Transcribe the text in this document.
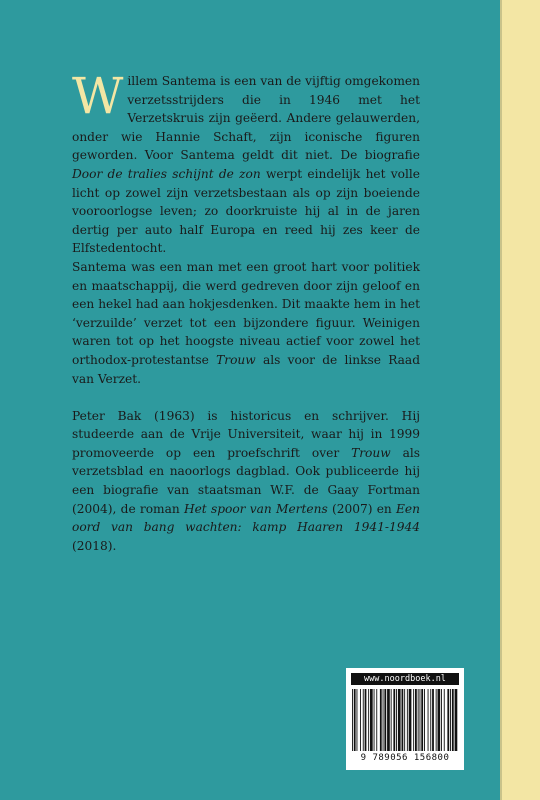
Willem Santema is een van de vijftig omgekomen verzetsstrijders die in 1946 met het Verzetskruis zijn geëerd. Andere gelauwerden, onder wie Hannie Schaft, zijn iconische figuren geworden. Voor Santema geldt dit niet. De biografie Door de tralies schijnt de zon werpt eindelijk het volle licht op zowel zijn verzetsbestaan als op zijn boeiende vooroorlogse leven; zo doorkruiste hij al in de jaren dertig per auto half Europa en reed hij zes keer de Elfstedentocht.

Santema was een man met een groot hart voor politiek en maatschappij, die werd gedreven door zijn geloof en een hekel had aan hokjesdenken. Dit maakte hem in het ‘verzuilde’ verzet tot een bijzondere figuur. Weinigen waren tot op het hoogste niveau actief voor zowel het orthodox-protestantse Trouw als voor de linkse Raad van Verzet.

Peter Bak (1963) is historicus en schrijver. Hij studeerde aan de Vrije Universiteit, waar hij in 1999 promoveerde op een proefschrift over Trouw als verzetsblad en naoorlogs dagblad. Ook publiceerde hij een biografie van staatsman W.F. de Gaay Fortman (2004), de roman Het spoor van Mertens (2007) en Een oord van bang wachten: kamp Haaren 1941-1944 (2018).

www.noordboek.nl
9 789056 156800
